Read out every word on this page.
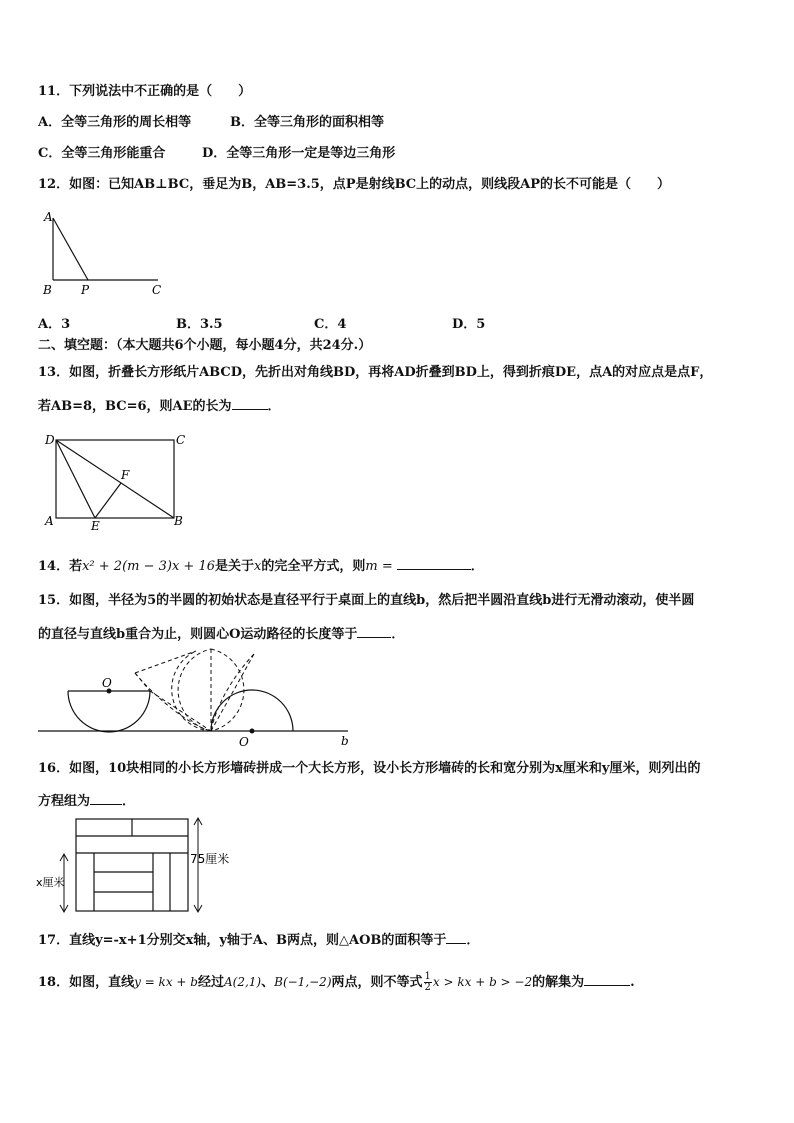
11．下列说法中不正确的是（　　）
A．全等三角形的周长相等	B．全等三角形的面积相等
C．全等三角形能重合	D．全等三角形一定是等边三角形
12．如图：已知AB⊥BC，垂足为B，AB=3.5，点P是射线BC上的动点，则线段AP的长不可能是（　　）
A
B P	C
A．3	B．3.5	C．4	D．5
二、填空题：（本大题共6个小题，每小题4分，共24分.）
13．如图，折叠长方形纸片ABCD，先折出对角线BD，再将AD折叠到BD上，得到折痕DE，点A的对应点是点F，
若AB=8，BC=6，则AE的长为	．
D	C
F
A	E	B
14．若x² + 2(m − 3)x + 16是关于x的完全平方式，则m =	．
15．如图，半径为5的半圆的初始状态是直径平行于桌面上的直线b，然后把半圆沿直线b进行无滑动滚动，使半圆
的直径与直线b重合为止，则圆心O运动路径的长度等于	．
O
O	b
16．如图，10块相同的小长方形墙砖拼成一个大长方形，设小长方形墙砖的长和宽分别为x厘米和y厘米，则列出的
方程组为 ．
75厘米
x厘米
17．直线y=-x+1分别交x轴，y轴于A、B两点，则△AOB的面积等于 ．
18．如图，直线y = kx + b经过A(2,1)、B(−1,−2)两点，则不等式 $\frac{1}{2}$ x > kx + b > −2的解集为	.
